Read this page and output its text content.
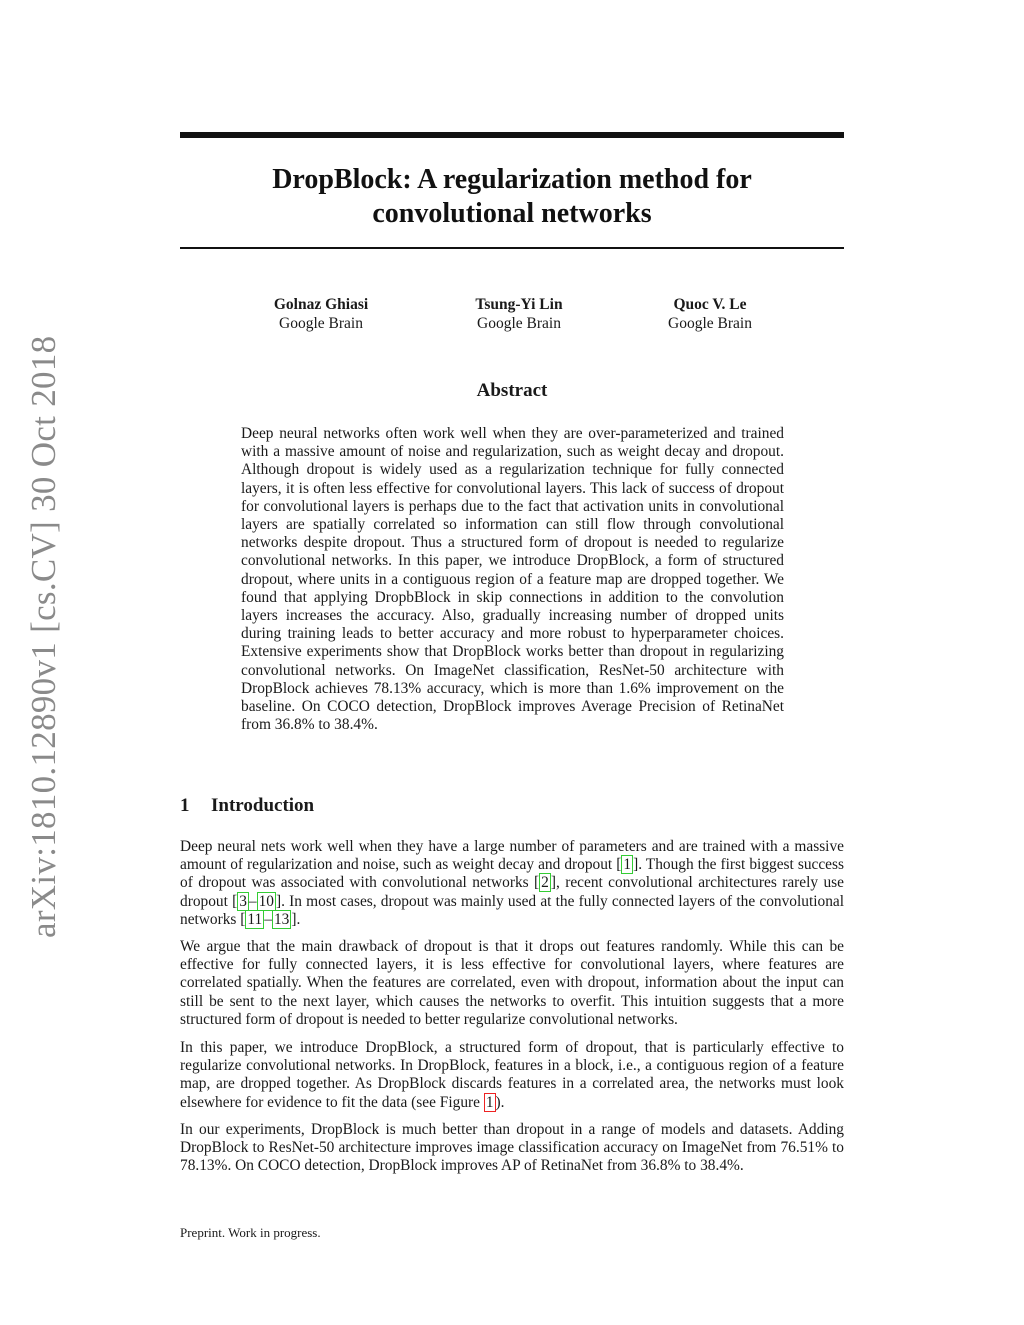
arXiv:1810.12890v1 [cs.CV] 30 Oct 2018
DropBlock: A regularization method for
convolutional networks
Golnaz Ghiasi
Google Brain
Tsung-Yi Lin
Google Brain
Quoc V. Le
Google Brain
Abstract
Deep neural networks often work well when they are over-parameterized and trained with a massive amount of noise and regularization, such as weight decay and dropout. Although dropout is widely used as a regularization technique for fully connected layers, it is often less effective for convolutional layers. This lack of success of dropout for convolutional layers is perhaps due to the fact that activation units in convolutional layers are spatially correlated so information can still flow through convolutional networks despite dropout. Thus a structured form of dropout is needed to regularize convolutional networks. In this paper, we introduce DropBlock, a form of structured dropout, where units in a contiguous region of a feature map are dropped together. We found that applying DropbBlock in skip connections in addition to the convolution layers increases the accuracy. Also, gradually increasing number of dropped units during training leads to better accuracy and more robust to hyperparameter choices. Extensive experiments show that DropBlock works better than dropout in regularizing convolutional networks. On ImageNet classification, ResNet-50 architecture with DropBlock achieves 78.13% accuracy, which is more than 1.6% improvement on the baseline. On COCO detection, DropBlock improves Average Precision of RetinaNet from 36.8% to 38.4%.
1 Introduction
Deep neural nets work well when they have a large number of parameters and are trained with a massive amount of regularization and noise, such as weight decay and dropout [ 1 ]. Though the first biggest success of dropout was associated with convolutional networks [ 2 ], recent convolutional architectures rarely use dropout [ 3 – 10 ]. In most cases, dropout was mainly used at the fully connected layers of the convolutional networks [ 11 – 13 ].
We argue that the main drawback of dropout is that it drops out features randomly. While this can be effective for fully connected layers, it is less effective for convolutional layers, where features are correlated spatially. When the features are correlated, even with dropout, information about the input can still be sent to the next layer, which causes the networks to overfit. This intuition suggests that a more structured form of dropout is needed to better regularize convolutional networks.
In this paper, we introduce DropBlock, a structured form of dropout, that is particularly effective to regularize convolutional networks. In DropBlock, features in a block, i.e., a contiguous region of a feature map, are dropped together. As DropBlock discards features in a correlated area, the networks must look elsewhere for evidence to fit the data (see Figure 1 ).
In our experiments, DropBlock is much better than dropout in a range of models and datasets. Adding DropBlock to ResNet-50 architecture improves image classification accuracy on ImageNet from 76.51% to 78.13%. On COCO detection, DropBlock improves AP of RetinaNet from 36.8% to 38.4%.
Preprint. Work in progress.
